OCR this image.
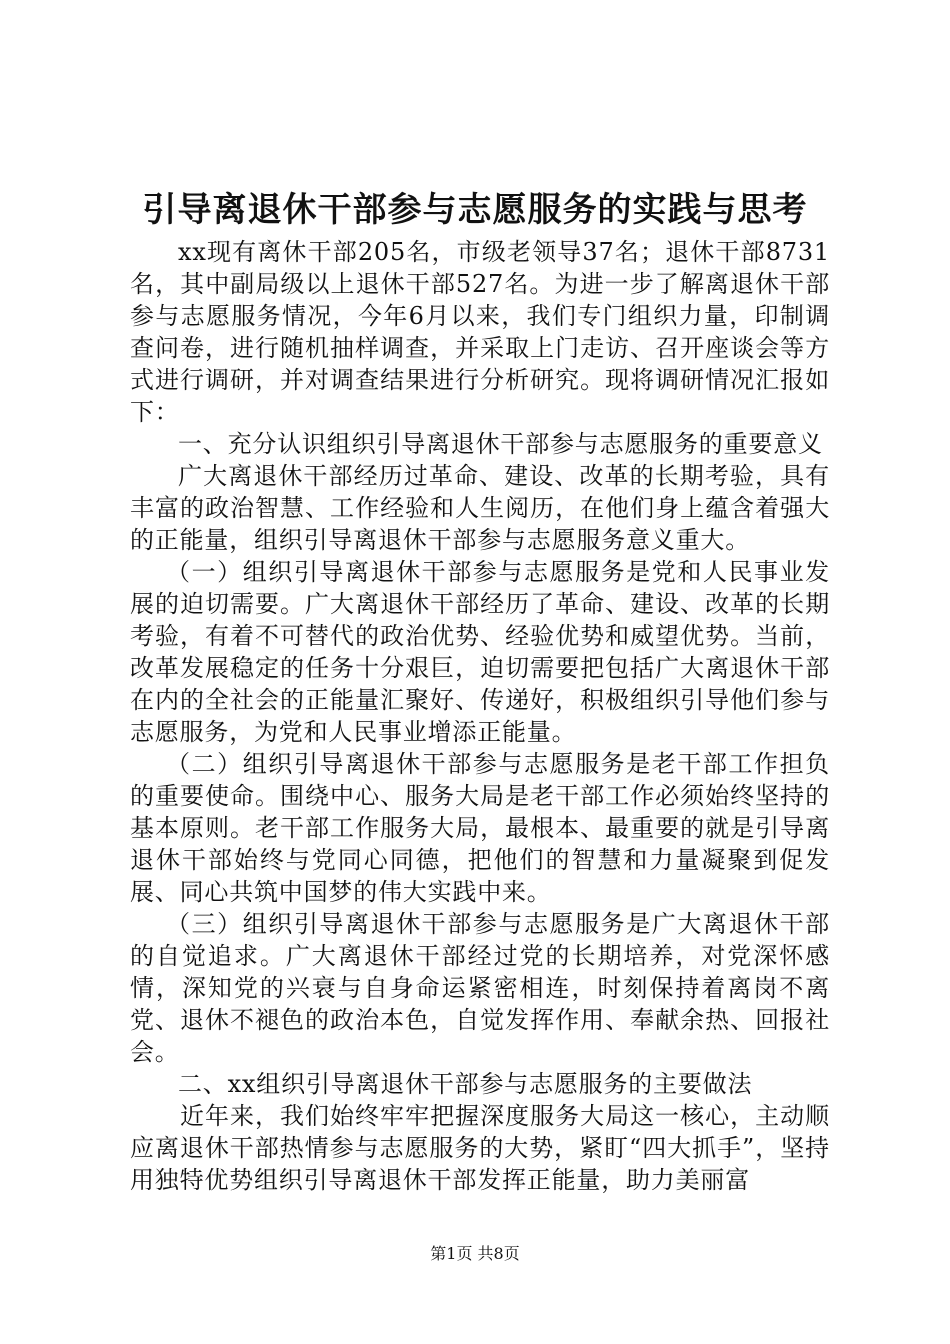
引导离退休干部参与志愿服务的实践与思考

xx现有离休干部205名，市级老领导37名；退休干部8731名，其中副局级以上退休干部527名。为进一步了解离退休干部参与志愿服务情况，今年6月以来，我们专门组织力量，印制调查问卷，进行随机抽样调查，并采取上门走访、召开座谈会等方式进行调研，并对调查结果进行分析研究。现将调研情况汇报如下：

一、充分认识组织引导离退休干部参与志愿服务的重要意义

广大离退休干部经历过革命、建设、改革的长期考验，具有丰富的政治智慧、工作经验和人生阅历，在他们身上蕴含着强大的正能量，组织引导离退休干部参与志愿服务意义重大。

（一）组织引导离退休干部参与志愿服务是党和人民事业发展的迫切需要。广大离退休干部经历了革命、建设、改革的长期考验，有着不可替代的政治优势、经验优势和威望优势。当前，改革发展稳定的任务十分艰巨，迫切需要把包括广大离退休干部在内的全社会的正能量汇聚好、传递好，积极组织引导他们参与志愿服务，为党和人民事业增添正能量。

（二）组织引导离退休干部参与志愿服务是老干部工作担负的重要使命。围绕中心、服务大局是老干部工作必须始终坚持的基本原则。老干部工作服务大局，最根本、最重要的就是引导离退休干部始终与党同心同德，把他们的智慧和力量凝聚到促发展、同心共筑中国梦的伟大实践中来。

（三）组织引导离退休干部参与志愿服务是广大离退休干部的自觉追求。广大离退休干部经过党的长期培养，对党深怀感情，深知党的兴衰与自身命运紧密相连，时刻保持着离岗不离党、退休不褪色的政治本色，自觉发挥作用、奉献余热、回报社会。

二、xx组织引导离退休干部参与志愿服务的主要做法

近年来，我们始终牢牢把握深度服务大局这一核心，主动顺应离退休干部热情参与志愿服务的大势，紧盯“四大抓手”，坚持用独特优势组织引导离退休干部发挥正能量，助力美丽富

第1页 共8页
